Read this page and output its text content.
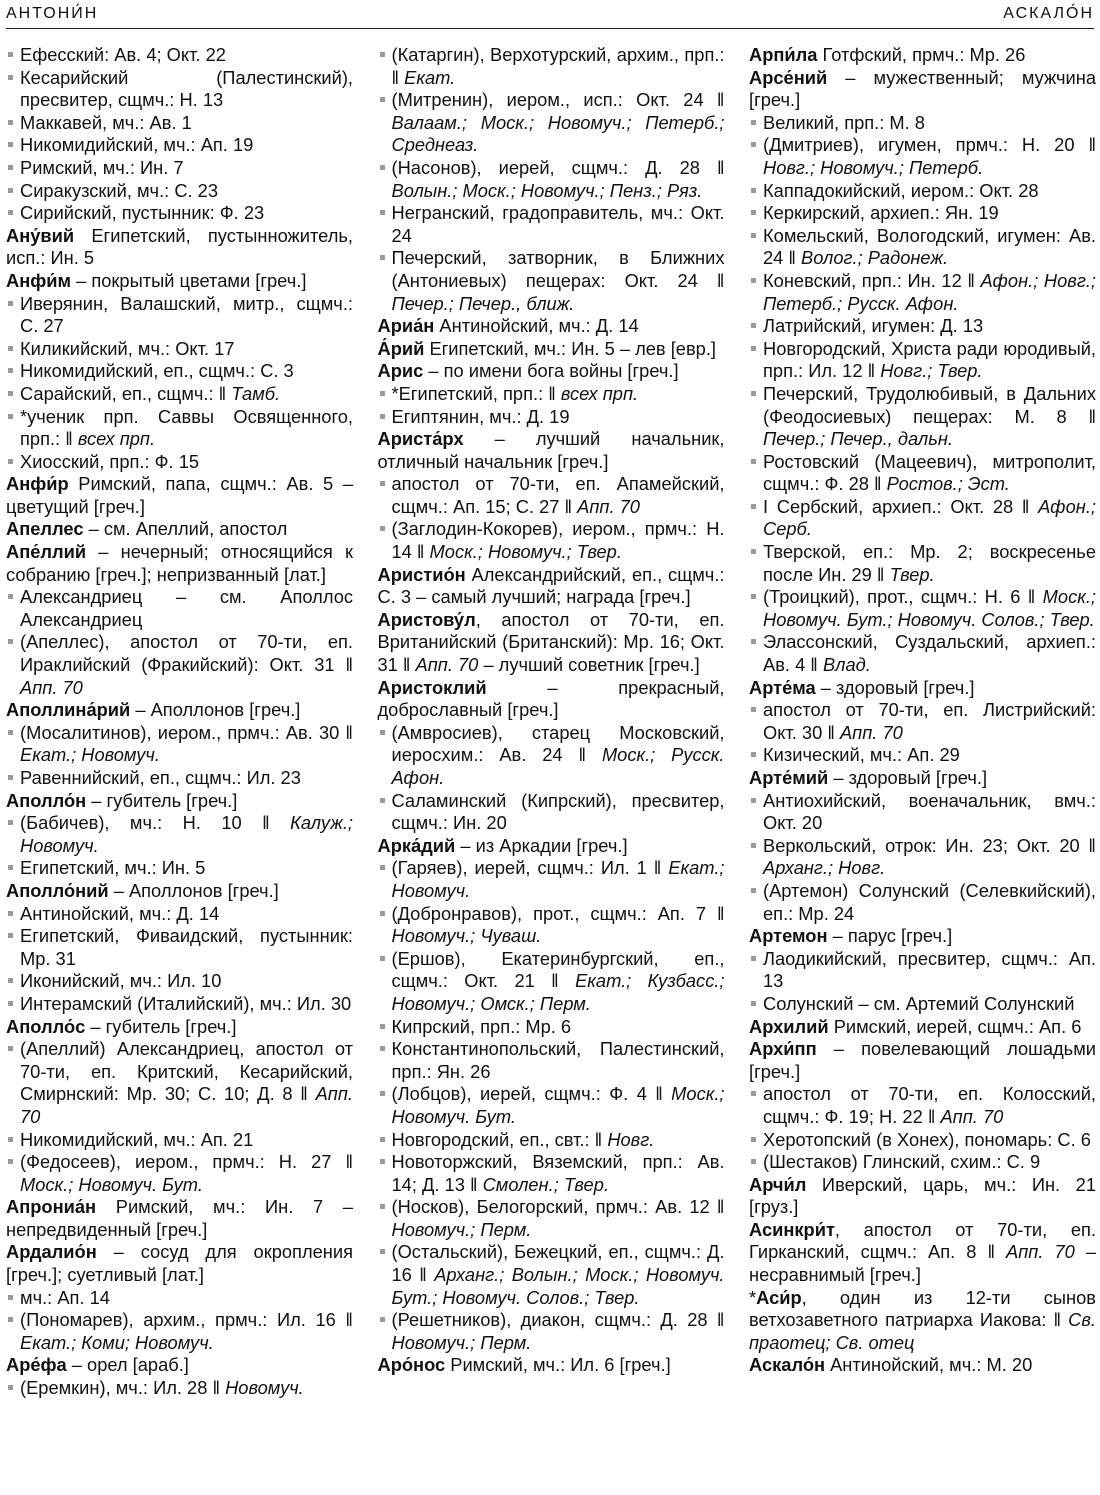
АНТОНИ́Н	АСКАЛО́Н
Ефесский: Ав. 4; Окт. 22
Кесарийский (Палестинский), пресвитер, сщмч.: Н. 13
Маккавей, мч.: Ав. 1
Никомидийский, мч.: Ап. 19
Римский, мч.: Ин. 7
Сиракузский, мч.: С. 23
Сирийский, пустынник: Ф. 23
Ану́вий Египетский, пустынножитель, исп.: Ин. 5
Анфи́м – покрытый цветами [греч.]
Иверянин, Валашский, митр., сщмч.: С. 27
Киликийский, мч.: Окт. 17
Никомидийский, еп., сщмч.: С. 3
Сарайский, еп., сщмч.: ‖ Тамб.
*ученик прп. Саввы Освященного, прп.: ‖ всех прп.
Хиосский, прп.: Ф. 15
Анфи́р Римский, папа, сщмч.: Ав. 5 – цветущий [греч.]
Апеллес – см. Апеллий, апостол
Апе́ллий – нечерный; относящийся к собранию [греч.]; непризванный [лат.]
Александриец – см. Аполлос Александриец
(Апеллес), апостол от 70-ти, еп. Ираклийский (Фракийский): Окт. 31 ‖ Апп. 70
Аполлина́рий – Аполлонов [греч.]
(Мосалитинов), иером., прмч.: Ав. 30 ‖ Екат.; Новомуч.
Равеннийский, еп., сщмч.: Ил. 23
Аполло́н – губитель [греч.]
(Бабичев), мч.: Н. 10 ‖ Калуж.; Новомуч.
Египетский, мч.: Ин. 5
Аполло́ний – Аполлонов [греч.]
Антинойский, мч.: Д. 14
Египетский, Фиваидский, пустынник: Мр. 31
Иконийский, мч.: Ил. 10
Интерамский (Италийский), мч.: Ил. 30
Аполло́с – губитель [греч.]
(Апеллий) Александриец, апостол от 70-ти, еп. Критский, Кесарийский, Смирнский: Мр. 30; С. 10; Д. 8 ‖ Апп. 70
Никомидийский, мч.: Ап. 21
(Федосеев), иером., прмч.: Н. 27 ‖ Моск.; Новомуч. Бут.
Апрониа́н Римский, мч.: Ин. 7 – непредвиденный [греч.]
Ардалио́н – сосуд для окропления [греч.]; суетливый [лат.]
мч.: Ап. 14
(Пономарев), архим., прмч.: Ил. 16 ‖ Екат.; Коми; Новомуч.
Аре́фа – орел [араб.]
(Еремкин), мч.: Ил. 28 ‖ Новомуч.
(Катаргин), Верхотурский, архим., прп.: ‖ Екат.
(Митренин), иером., исп.: Окт. 24 ‖ Валаам.; Моск.; Новомуч.; Петерб.; Среднеаз.
(Насонов), иерей, сщмч.: Д. 28 ‖ Волын.; Моск.; Новомуч.; Пенз.; Ряз.
Негранский, градоправитель, мч.: Окт. 24
Печерский, затворник, в Ближних (Антониевых) пещерах: Окт. 24 ‖ Печер.; Печер., ближ.
Ариа́н Антинойский, мч.: Д. 14
А́рий Египетский, мч.: Ин. 5 – лев [евр.]
Арис – по имени бога войны [греч.]
*Египетский, прп.: ‖ всех прп.
Египтянин, мч.: Д. 19
Ариста́рх – лучший начальник, отличный начальник [греч.]
апостол от 70-ти, еп. Апамейский, сщмч.: Ап. 15; С. 27 ‖ Апп. 70
(Заглодин-Кокорев), иером., прмч.: Н. 14 ‖ Моск.; Новомуч.; Твер.
Аристио́н Александрийский, еп., сщмч.: С. 3 – самый лучший; награда [греч.]
Аристову́л, апостол от 70-ти, еп. Вританийский (Британский): Мр. 16; Окт. 31 ‖ Апп. 70 – лучший советник [греч.]
Аристоклий – прекрасный, доброславный [греч.]
(Амвросиев), старец Московский, иеросхим.: Ав. 24 ‖ Моск.; Русск. Афон.
Саламинский (Кипрский), пресвитер, сщмч.: Ин. 20
Арка́дий – из Аркадии [греч.]
(Гаряев), иерей, сщмч.: Ил. 1 ‖ Екат.; Новомуч.
(Добронравов), прот., сщмч.: Ап. 7 ‖ Новомуч.; Чуваш.
(Ершов), Екатеринбургский, еп., сщмч.: Окт. 21 ‖ Екат.; Кузбасс.; Новомуч.; Омск.; Перм.
Кипрский, прп.: Мр. 6
Константинопольский, Палестинский, прп.: Ян. 26
(Лобцов), иерей, сщмч.: Ф. 4 ‖ Моск.; Новомуч. Бут.
Новгородский, еп., свт.: ‖ Новг.
Новоторжский, Вяземский, прп.: Ав. 14; Д. 13 ‖ Смолен.; Твер.
(Носков), Белогорский, прмч.: Ав. 12 ‖ Новомуч.; Перм.
(Остальский), Бежецкий, еп., сщмч.: Д. 16 ‖ Арханг.; Волын.; Моск.; Новомуч. Бут.; Новомуч. Солов.; Твер.
(Решетников), диакон, сщмч.: Д. 28 ‖ Новомуч.; Перм.
Аро́нос Римский, мч.: Ил. 6 [греч.]
Арпи́ла Готфский, прмч.: Мр. 26
Арсе́ний – мужественный; мужчина [греч.]
Великий, прп.: М. 8
(Дмитриев), игумен, прмч.: Н. 20 ‖ Новг.; Новомуч.; Петерб.
Каппадокийский, иером.: Окт. 28
Керкирский, архиеп.: Ян. 19
Комельский, Вологодский, игумен: Ав. 24 ‖ Волог.; Радонеж.
Коневский, прп.: Ин. 12 ‖ Афон.; Новг.; Петерб.; Русск. Афон.
Латрийский, игумен: Д. 13
Новгородский, Христа ради юродивый, прп.: Ил. 12 ‖ Новг.; Твер.
Печерский, Трудолюбивый, в Дальних (Феодосиевых) пещерах: М. 8 ‖ Печер.; Печер., дальн.
Ростовский (Мацеевич), митрополит, сщмч.: Ф. 28 ‖ Ростов.; Эст.
I Сербский, архиеп.: Окт. 28 ‖ Афон.; Серб.
Тверской, еп.: Мр. 2; воскресенье после Ин. 29 ‖ Твер.
(Троицкий), прот., сщмч.: Н. 6 ‖ Моск.; Новомуч. Бут.; Новомуч. Солов.; Твер.
Элассонский, Суздальский, архиеп.: Ав. 4 ‖ Влад.
Арте́ма – здоровый [греч.]
апостол от 70-ти, еп. Листрийский: Окт. 30 ‖ Апп. 70
Кизический, мч.: Ап. 29
Арте́мий – здоровый [греч.]
Антиохийский, военачальник, вмч.: Окт. 20
Веркольский, отрок: Ин. 23; Окт. 20 ‖ Арханг.; Новг.
(Артемон) Солунский (Селевкийский), еп.: Мр. 24
Артемон – парус [греч.]
Лаодикийский, пресвитер, сщмч.: Ап. 13
Солунский – см. Артемий Солунский
Архилий Римский, иерей, сщмч.: Ап. 6
Архи́пп – повелевающий лошадьми [греч.]
апостол от 70-ти, еп. Колосский, сщмч.: Ф. 19; Н. 22 ‖ Апп. 70
Херотопский (в Хонех), пономарь: С. 6
(Шестаков) Глинский, схим.: С. 9
Арчи́л Иверский, царь, мч.: Ин. 21 [груз.]
Асинкри́т, апостол от 70-ти, еп. Гирканский, сщмч.: Ап. 8 ‖ Апп. 70 – несравнимый [греч.]
*Аси́р, один из 12-ти сынов ветхозаветного патриарха Иакова: ‖ Св. праотец; Св. отец
Аскало́н Антинойский, мч.: М. 20
